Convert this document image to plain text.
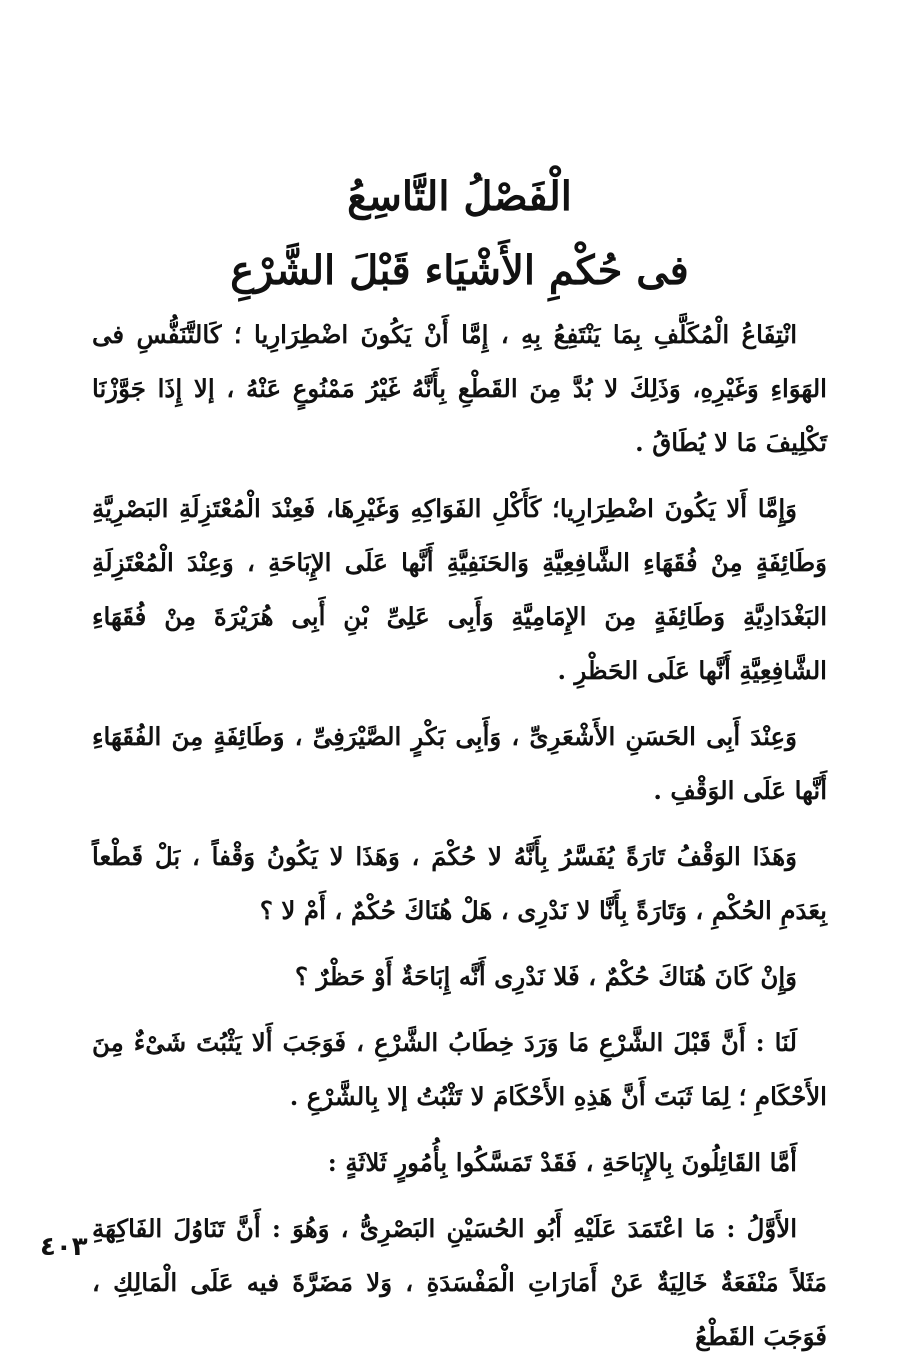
الْفَصْلُ التَّاسِعُ
فى حُكْمِ الأَشْيَاء قَبْلَ الشَّرْعِ

انْتِفَاعُ الْمُكَلَّفِ بِمَا يَنْتَفِعُ بِهِ ، إِمَّا أَنْ يَكُونَ اضْطِرَارِيا ؛ كَالتَّنَفُّسِ فى الهَوَاءِ وَغَيْرِهِ، وَذَلِكَ لا بُدَّ مِنَ القَطْعِ بِأَنَّهُ غَيْرُ مَمْنُوعٍ عَنْهُ ، إلا إِذَا جَوَّزْنَا تَكْلِيفَ مَا لا يُطَاقُ .

وَإِمَّا أَلا يَكُونَ اضْطِرَارِيا؛ كَأَكْلِ الفَوَاكِهِ وَغَيْرِهَا، فَعِنْدَ الْمُعْتَزِلَةِ البَصْرِيَّةِ وَطَائِفَةٍ مِنْ فُقَهَاءِ الشَّافِعِيَّةِ وَالحَنَفِيَّةِ أَنَّها عَلَى الإِبَاحَةِ ، وَعِنْدَ الْمُعْتَزِلَةِ البَغْدَادِيَّةِ وَطَائِفَةٍ مِنَ الإِمَامِيَّةِ وَأَبِى عَلِىِّ بْنِ أَبِى هُرَيْرَةَ مِنْ فُقَهَاءِ الشَّافِعِيَّةِ أَنَّها عَلَى الحَظْرِ .

وَعِنْدَ أَبِى الحَسَنِ الأَشْعَرِىِّ ، وَأَبِى بَكْرٍ الصَّيْرَفِىِّ ، وَطَائِفَةٍ مِنَ الفُقَهَاءِ أَنَّها عَلَى الوَقْفِ .

وَهَذَا الوَقْفُ تَارَةً يُفَسَّرُ بِأَنَّهُ لا حُكْمَ ، وَهَذَا لا يَكُونُ وَقْفاً ، بَلْ قَطْعاً بِعَدَمِ الحُكْمِ ، وَتَارَةً بِأَنَّا لا نَدْرِى ، هَلْ هُنَاكَ حُكْمٌ ، أَمْ لا ؟

وَإِنْ كَانَ هُنَاكَ حُكْمٌ ، فَلا نَدْرِى أَنَّه إِبَاحَةٌ أَوْ حَظْرٌ ؟

لَنَا : أَنَّ قَبْلَ الشَّرْعِ مَا وَرَدَ خِطَابُ الشَّرْعِ ، فَوَجَبَ أَلا يَثْبُتَ شَىْءٌ مِنَ الأَحْكَامِ ؛ لِمَا ثَبَتَ أَنَّ هَذِهِ الأَحْكَامَ لا تَثْبُتُ إلا بِالشَّرْعِ .

أَمَّا القَائِلُونَ بِالإِبَاحَةِ ، فَقَدْ تَمَسَّكُوا بِأُمُورٍ ثَلاثَةٍ :

الأَوَّلُ : مَا اعْتَمَدَ عَلَيْهِ أَبُو الحُسَيْنِ البَصْرِىُّ ، وَهُوَ : أَنَّ تَنَاوُلَ الفَاكِهَةِ مَثَلاً مَنْفَعَةٌ خَالِيَةٌ عَنْ أَمَارَاتِ الْمَفْسَدَةِ ، وَلا مَضَرَّةَ فيه عَلَى الْمَالِكِ ، فَوَجَبَ القَطْعُ

٤٠٣
